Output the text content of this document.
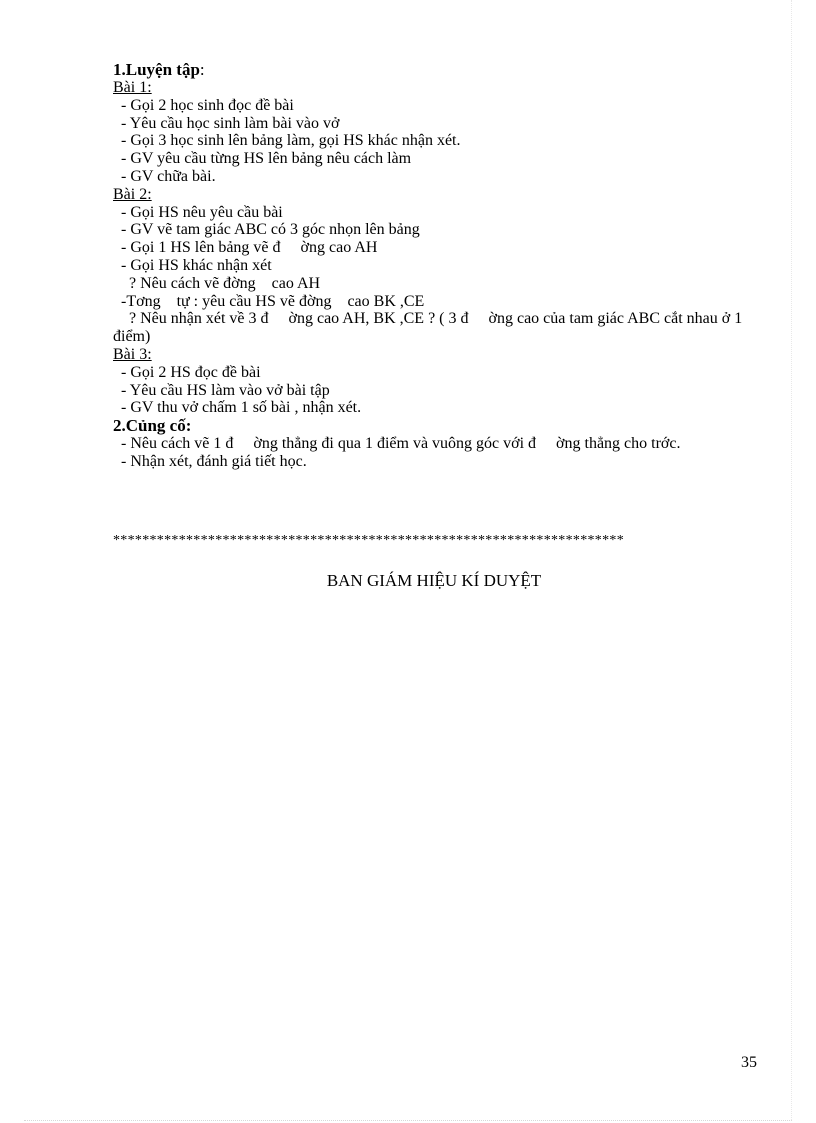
1.Luyện tập:
Bài 1:
- Gọi 2 học sinh đọc đề bài
- Yêu cầu học sinh làm bài vào vở
- Gọi 3 học sinh lên bảng làm, gọi HS khác nhận xét.
- GV yêu cầu từng HS lên bảng nêu cách làm
- GV chữa bài.
Bài 2:
- Gọi HS nêu yêu cầu bài
- GV vẽ tam giác ABC có 3 góc nhọn lên bảng
- Gọi 1 HS lên bảng vẽ đ     ờng cao AH
- Gọi HS khác nhận xét
? Nêu cách vẽ đờng    cao AH
-Tơng    tự : yêu cầu HS vẽ đờng    cao BK ,CE
? Nêu nhận xét về 3 đ     ờng cao AH, BK ,CE ? ( 3 đ     ờng cao của tam giác ABC cắt nhau ở 1 điểm)
Bài 3:
- Gọi 2 HS đọc đề bài
- Yêu cầu HS làm vào vở bài tập
- GV thu vở chấm 1 số bài , nhận xét.
2.Củng cố:
- Nêu cách vẽ 1 đ     ờng thẳng đi qua 1 điểm và vuông góc với đ     ờng thẳng cho trớc.
- Nhận xét, đánh giá tiết học.
**********************************************************************
BAN GIÁM HIỆU KÍ DUYỆT
35
